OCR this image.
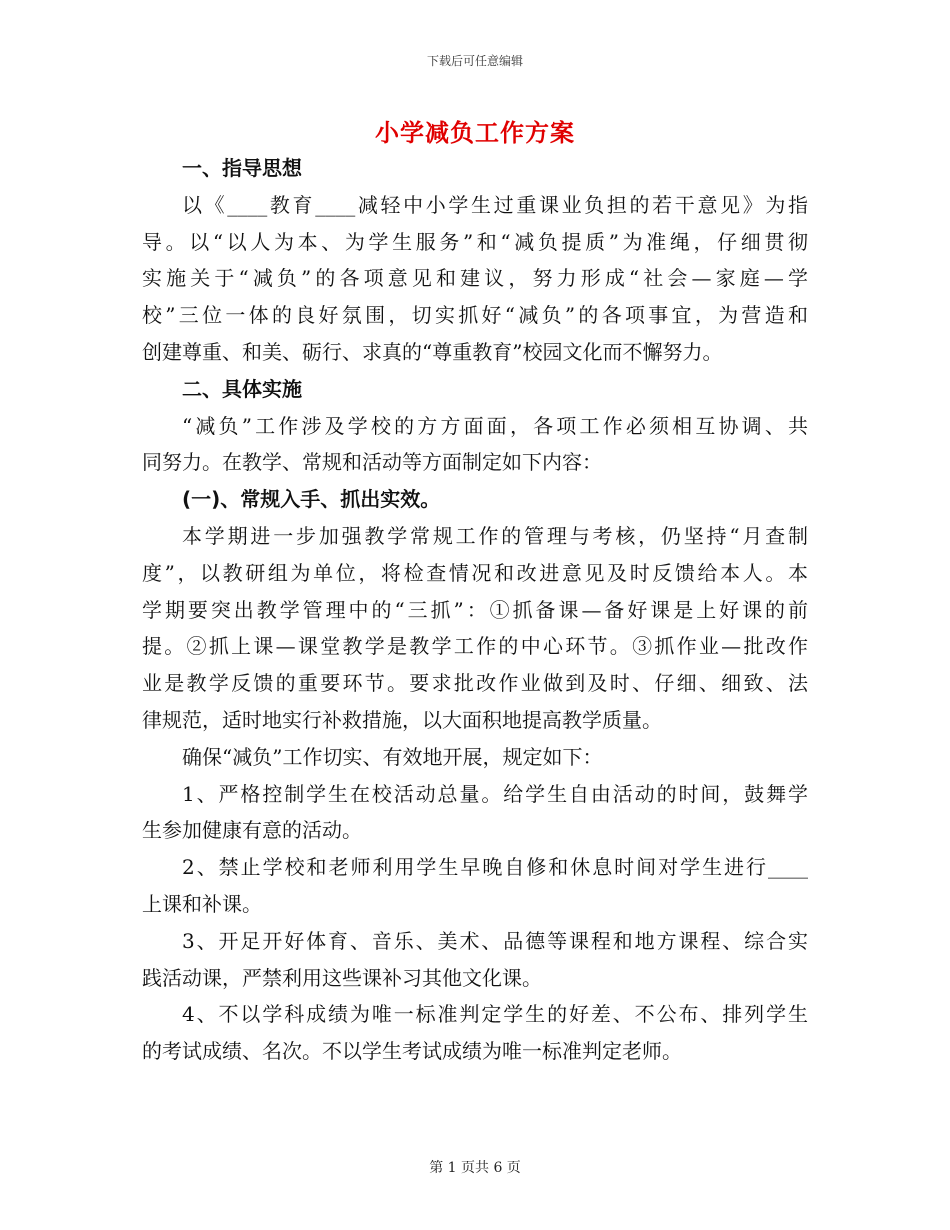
下载后可任意编辑
小学减负工作方案
一、指导思想
以《____教育____减轻中小学生过重课业负担的若干意见》为指
导。以“以人为本、为学生服务”和“减负提质”为准绳，仔细贯彻
实施关于“减负”的各项意见和建议，努力形成“社会—家庭—学
校”三位一体的良好氛围，切实抓好“减负”的各项事宜，为营造和
创建尊重、和美、砺行、求真的“尊重教育”校园文化而不懈努力。
二、具体实施
“减负”工作涉及学校的方方面面，各项工作必须相互协调、共
同努力。在教学、常规和活动等方面制定如下内容：
(一)、常规入手、抓出实效。
本学期进一步加强教学常规工作的管理与考核，仍坚持“月查制
度”，以教研组为单位，将检查情况和改进意见及时反馈给本人。本
学期要突出教学管理中的“三抓”：①抓备课—备好课是上好课的前
提。②抓上课—课堂教学是教学工作的中心环节。③抓作业—批改作
业是教学反馈的重要环节。要求批改作业做到及时、仔细、细致、法
律规范，适时地实行补救措施，以大面积地提高教学质量。
确保“减负”工作切实、有效地开展，规定如下：
1、严格控制学生在校活动总量。给学生自由活动的时间，鼓舞学
生参加健康有意的活动。
2、禁止学校和老师利用学生早晚自修和休息时间对学生进行____
上课和补课。
3、开足开好体育、音乐、美术、品德等课程和地方课程、综合实
践活动课，严禁利用这些课补习其他文化课。
4、不以学科成绩为唯一标准判定学生的好差、不公布、排列学生
的考试成绩、名次。不以学生考试成绩为唯一标准判定老师。
第 1 页共 6 页
